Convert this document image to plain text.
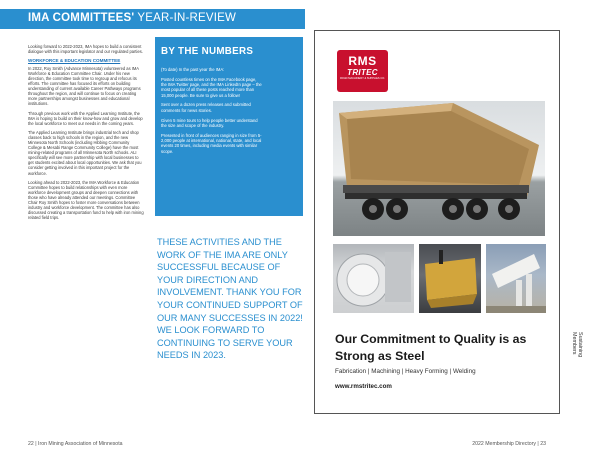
IMA COMMITTEES' YEAR-IN-REVIEW

Looking forward to 2022-2023, IMA hopes to build a consistent dialogue with this important legislator and our regulated parties.

WORKFORCE & EDUCATION COMMITTEE

In 2022, Roy Smith (Advance Minnesota) volunteered as IMA Workforce & Education Committee Chair. Under his new direction, the committee took time to regroup and refocus its efforts. The committee has focused its efforts on building understanding of current available Career Pathways programs throughout the region, and will continue to focus on creating more partnerships amongst businesses and educational institutions.

Through previous work with the Applied Learning Institute, the IMA is hoping to build on their know-how and grow and develop the local workforce to meet our needs in the coming years.

The Applied Learning Institute brings industrial tech and shop classes back to high schools in the region, and the new Minnesota North Schools (including Hibbing Community College & Mesabi Range Community College) have the most mining-related programs of all Minnesota North schools. ALI specifically will see more partnership with local businesses to get students excited about local opportunities. We ask that you consider getting involved in this important project for the workforce.

Looking ahead to 2022-2023, the IMA Workforce & Education Committee hopes to build relationships with even more workforce development groups and deepen connections with those who have already attended our meetings. Committee Chair Roy Smith hopes to foster more conversations between industry and workforce development. The committee has also discussed creating a transportation fund to help with iron mining related field trips.

BY THE NUMBERS

(To date) In the past year the IMA:

Posted countless times on the IMA Facebook page, the IMA Twitter page, and the IMA LinkedIn page – the most popular of all these posts reached more than 15,000 people. Be sure to give us a follow!

Sent over a dozen press releases and submitted comments for news stories.

Given 5 mine tours to help people better understand the size and scope of the industry.

Presented in front of audiences ranging in size from 5-2,000 people at international, national, state, and local events 20 times, including media events with similar scope.

THESE ACTIVITIES AND THE WORK OF THE IMA ARE ONLY SUCCESSFUL BECAUSE OF YOUR DIRECTION AND INVOLVEMENT. THANK YOU FOR YOUR CONTINUED SUPPORT OF OUR MANY SUCCESSES IN 2022! WE LOOK FORWARD TO CONTINUING TO SERVE YOUR NEEDS IN 2023.

22 | Iron Mining Association of Minnesota	2022 Membership Directory | 23
Sustaining
Members
RMS
TRITEC
ROAD MACHINERY & SUPPLIES CO.
Our Commitment to Quality is as Strong as Steel
Fabrication | Machining | Heavy Forming | Welding
www.rmstritec.com
